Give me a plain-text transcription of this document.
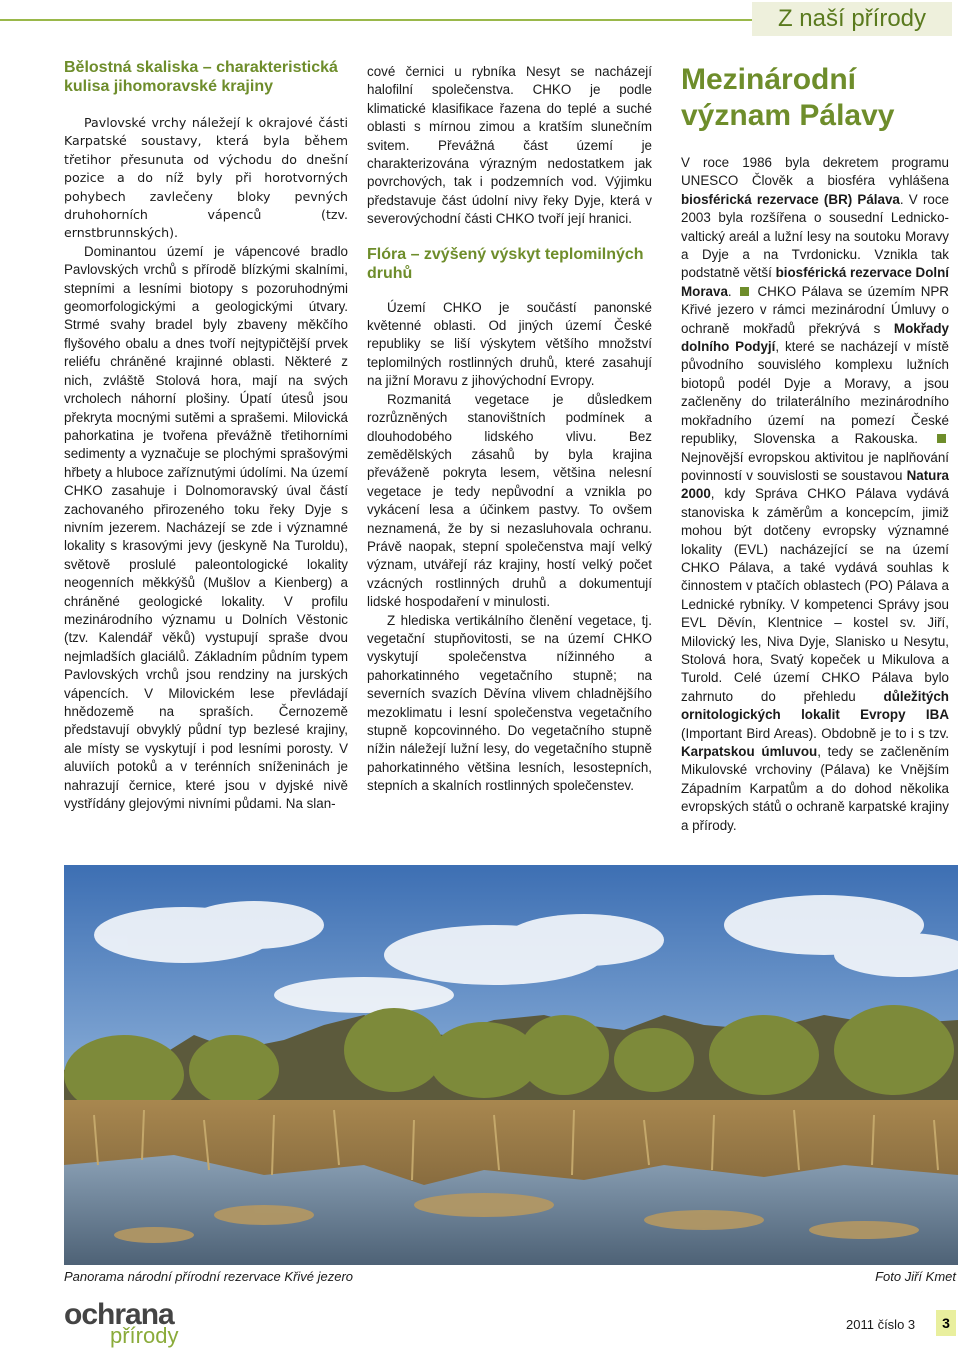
Z naší přírody
Bělostná skaliska – charakteristická kulisa jihomoravské krajiny

Pavlovské vrchy náležejí k okrajové části Karpatské soustavy, která byla během třetihor přesunuta od východu do dnešní pozice a do níž byly při horotvorných pohybech zavlečeny bloky pevných druhohorních vápenců (tzv. ernstbrunnských).

Dominantou území je vápencové bradlo Pavlovských vrchů s přírodě blízkými skalními, stepními a lesními biotopy s pozoruhodnými geomorfologickými a geologickými útvary. Strmé svahy bradel byly zbaveny měkčího flyšového obalu a dnes tvoří nejtypičtější prvek reliéfu chráněné krajinné oblasti. Některé z nich, zvláště Stolová hora, mají na svých vrcholech náhorní plošiny. Úpatí útesů jsou překryta mocnými sutěmi a sprašemi. Milovická pahorkatina je tvořena převážně třetihorními sedimenty a vyznačuje se plochými sprašovými hřbety a hluboce zaříznutými údolími. Na území CHKO zasahuje i Dolnomoravský úval částí zachovaného přirozeného toku řeky Dyje s nivním jezerem. Nacházejí se zde i významné lokality s krasovými jevy (jeskyně Na Turoldu), světově proslulé paleontologické lokality neogenních měkkýšů (Mušlov a Kienberg) a chráněné geologické lokality. V profilu mezinárodního významu u Dolních Věstonic (tzv. Kalendář věků) vystupují spraše dvou nejmladších glaciálů. Základním půdním typem Pavlovských vrchů jsou rendziny na jurských vápencích. V Milovickém lese převládají hnědozemě na spraších. Černozemě představují obvyklý půdní typ bezlesé krajiny, ale místy se vyskytují i pod lesními porosty. V aluviích potoků a v terénních sníženinách je nahrazují černice, které jsou v dyjské nivě vystřídány glejovými nivními půdami. Na slan-

cové černici u rybníka Nesyt se nacházejí halofilní společenstva. CHKO je podle klimatické klasifikace řazena do teplé a suché oblasti s mírnou zimou a kratším slunečním svitem. Převážná část území je charakterizována výrazným nedostatkem jak povrchových, tak i podzemních vod. Výjimku představuje část údolní nivy řeky Dyje, která v severovýchodní části CHKO tvoří její hranici.

Flóra – zvýšený výskyt teplomilných druhů

Území CHKO je součástí panonské květenné oblasti. Od jiných území České republiky se liší výskytem většího množství teplomilných rostlinných druhů, které zasahují na jižní Moravu z jihovýchodní Evropy.

Rozmanitá vegetace je důsledkem rozrůzněných stanovištních podmínek a dlouhodobého lidského vlivu. Bez zemědělských zásahů by byla krajina převáženě pokryta lesem, většina nelesní vegetace je tedy nepůvodní a vznikla po vykácení lesa a účinkem pastvy. To ovšem neznamená, že by si nezasluhovala ochranu. Právě naopak, stepní společenstva mají velký význam, utvářejí ráz krajiny, hostí velký počet vzácných rostlinných druhů a dokumentují lidské hospodaření v minulosti.

Z hlediska vertikálního členění vegetace, tj. vegetační stupňovitosti, se na území CHKO vyskytují společenstva nížinného a pahorkatinného vegetačního stupně; na severních svazích Děvína vlivem chladnějšího mezoklimatu i lesní společenstva vegetačního stupně kopcovinného. Do vegetačního stupně nížin náležejí lužní lesy, do vegetačního stupně pahorkatinného většina lesních, lesostepních, stepních a skalních rostlinných společenstev.

Mezinárodní význam Pálavy

V roce 1986 byla dekretem programu UNESCO Člověk a biosféra vyhlášena biosférická rezervace (BR) Pálava. V roce 2003 byla rozšířena o sousední Lednicko-valtický areál a lužní lesy na soutoku Moravy a Dyje a na Tvrdonicku. Vznikla tak podstatně větší biosférická rezervace Dolní Morava.  CHKO Pálava se územím NPR Křivé jezero v rámci mezinárodní Úmluvy o ochraně mokřadů překrývá s Mokřady dolního Podyjí, které se nacházejí v místě původního souvislého komplexu lužních biotopů podél Dyje a Moravy, a jsou začleněny do trilaterálního mezinárodního mokřadního území na pomezí České republiky, Slovenska a Rakouska.  Nejnovější evropskou aktivitou je naplňování povinností v souvislosti se soustavou Natura 2000, kdy Správa CHKO Pálava vydává stanoviska k záměrům a koncepcím, jimiž mohou být dotčeny evropsky významné lokality (EVL) nacházející se na území CHKO Pálava, a také vydává souhlas k činnostem v ptačích oblastech (PO) Pálava a Lednické rybníky. V kompetenci Správy jsou EVL Děvín, Klentnice – kostel sv. Jiří, Milovický les, Niva Dyje, Slanisko u Nesytu, Stolová hora, Svatý kopeček u Mikulova a Turold. Celé území CHKO Pálava bylo zahrnuto do přehledu důležitých ornitologických lokalit Evropy IBA (Important Bird Areas). Obdobně je to i s tzv. Karpatskou úmluvou, tedy se začleněním Mikulovské vrchoviny (Pálava) ke Vnějším Západním Karpatům a do dohod několika evropských států o ochraně karpatské krajiny a přírody.

Panorama národní přírodní rezervace Křivé jezero	Foto Jiří Kmet
ochrana
přírody	2011 číslo 3	3
